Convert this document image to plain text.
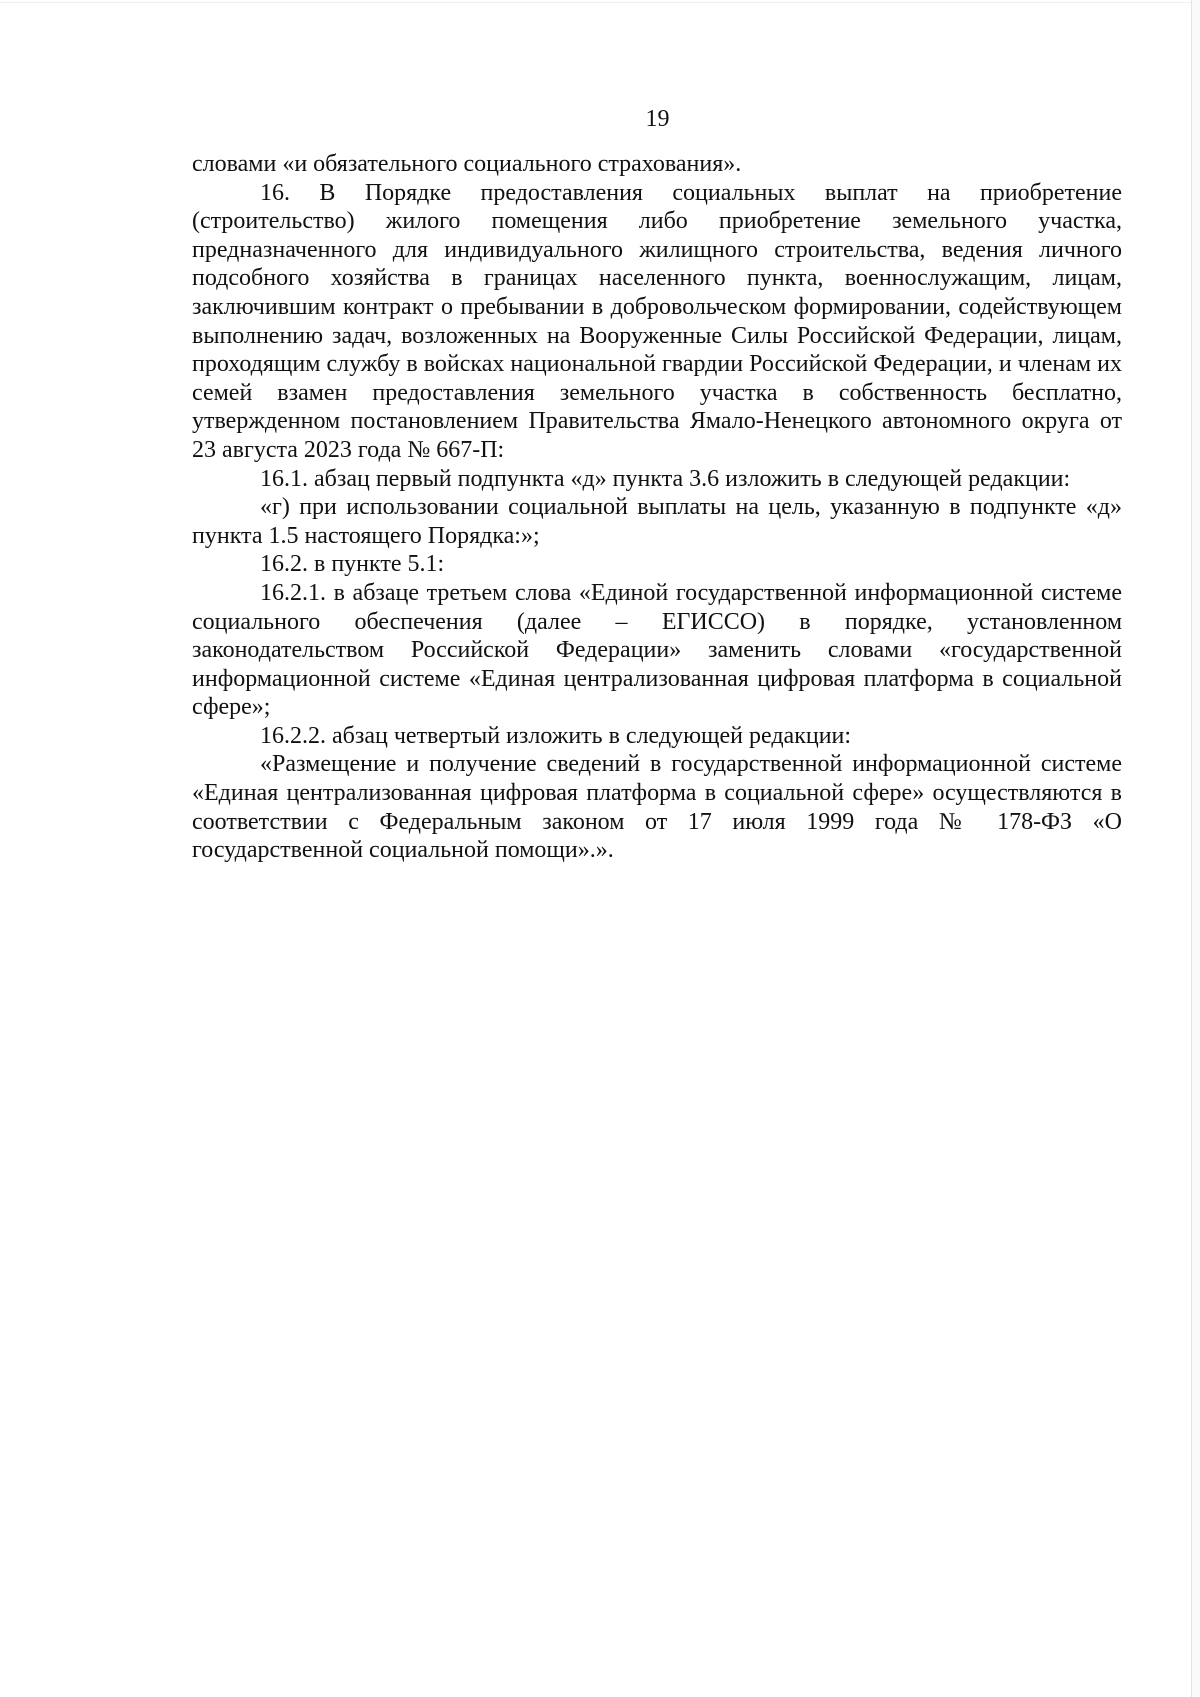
19

словами «и обязательного социального страхования».

16. В Порядке предоставления социальных выплат на приобретение (строительство) жилого помещения либо приобретение земельного участка, предназначенного для индивидуального жилищного строительства, ведения личного подсобного хозяйства в границах населенного пункта, военнослужащим, лицам, заключившим контракт о пребывании в добровольческом формировании, содействующем выполнению задач, возложенных на Вооруженные Силы Российской Федерации, лицам, проходящим службу в войсках национальной гвардии Российской Федерации, и членам их семей взамен предоставления земельного участка в собственность бесплатно, утвержденном постановлением Правительства Ямало-Ненецкого автономного округа от 23 августа 2023 года № 667-П:

16.1. абзац первый подпункта «д» пункта 3.6 изложить в следующей редакции:

«г) при использовании социальной выплаты на цель, указанную в подпункте «д» пункта 1.5 настоящего Порядка:»;

16.2. в пункте 5.1:

16.2.1. в абзаце третьем слова «Единой государственной информационной системе социального обеспечения (далее – ЕГИССО) в порядке, установленном законодательством Российской Федерации» заменить словами «государственной информационной системе «Единая централизованная цифровая платформа в социальной сфере»;

16.2.2. абзац четвертый изложить в следующей редакции:

«Размещение и получение сведений в государственной информационной системе «Единая централизованная цифровая платформа в социальной сфере» осуществляются в соответствии с Федеральным законом от 17 июля 1999 года № 178-ФЗ «О государственной социальной помощи».».
